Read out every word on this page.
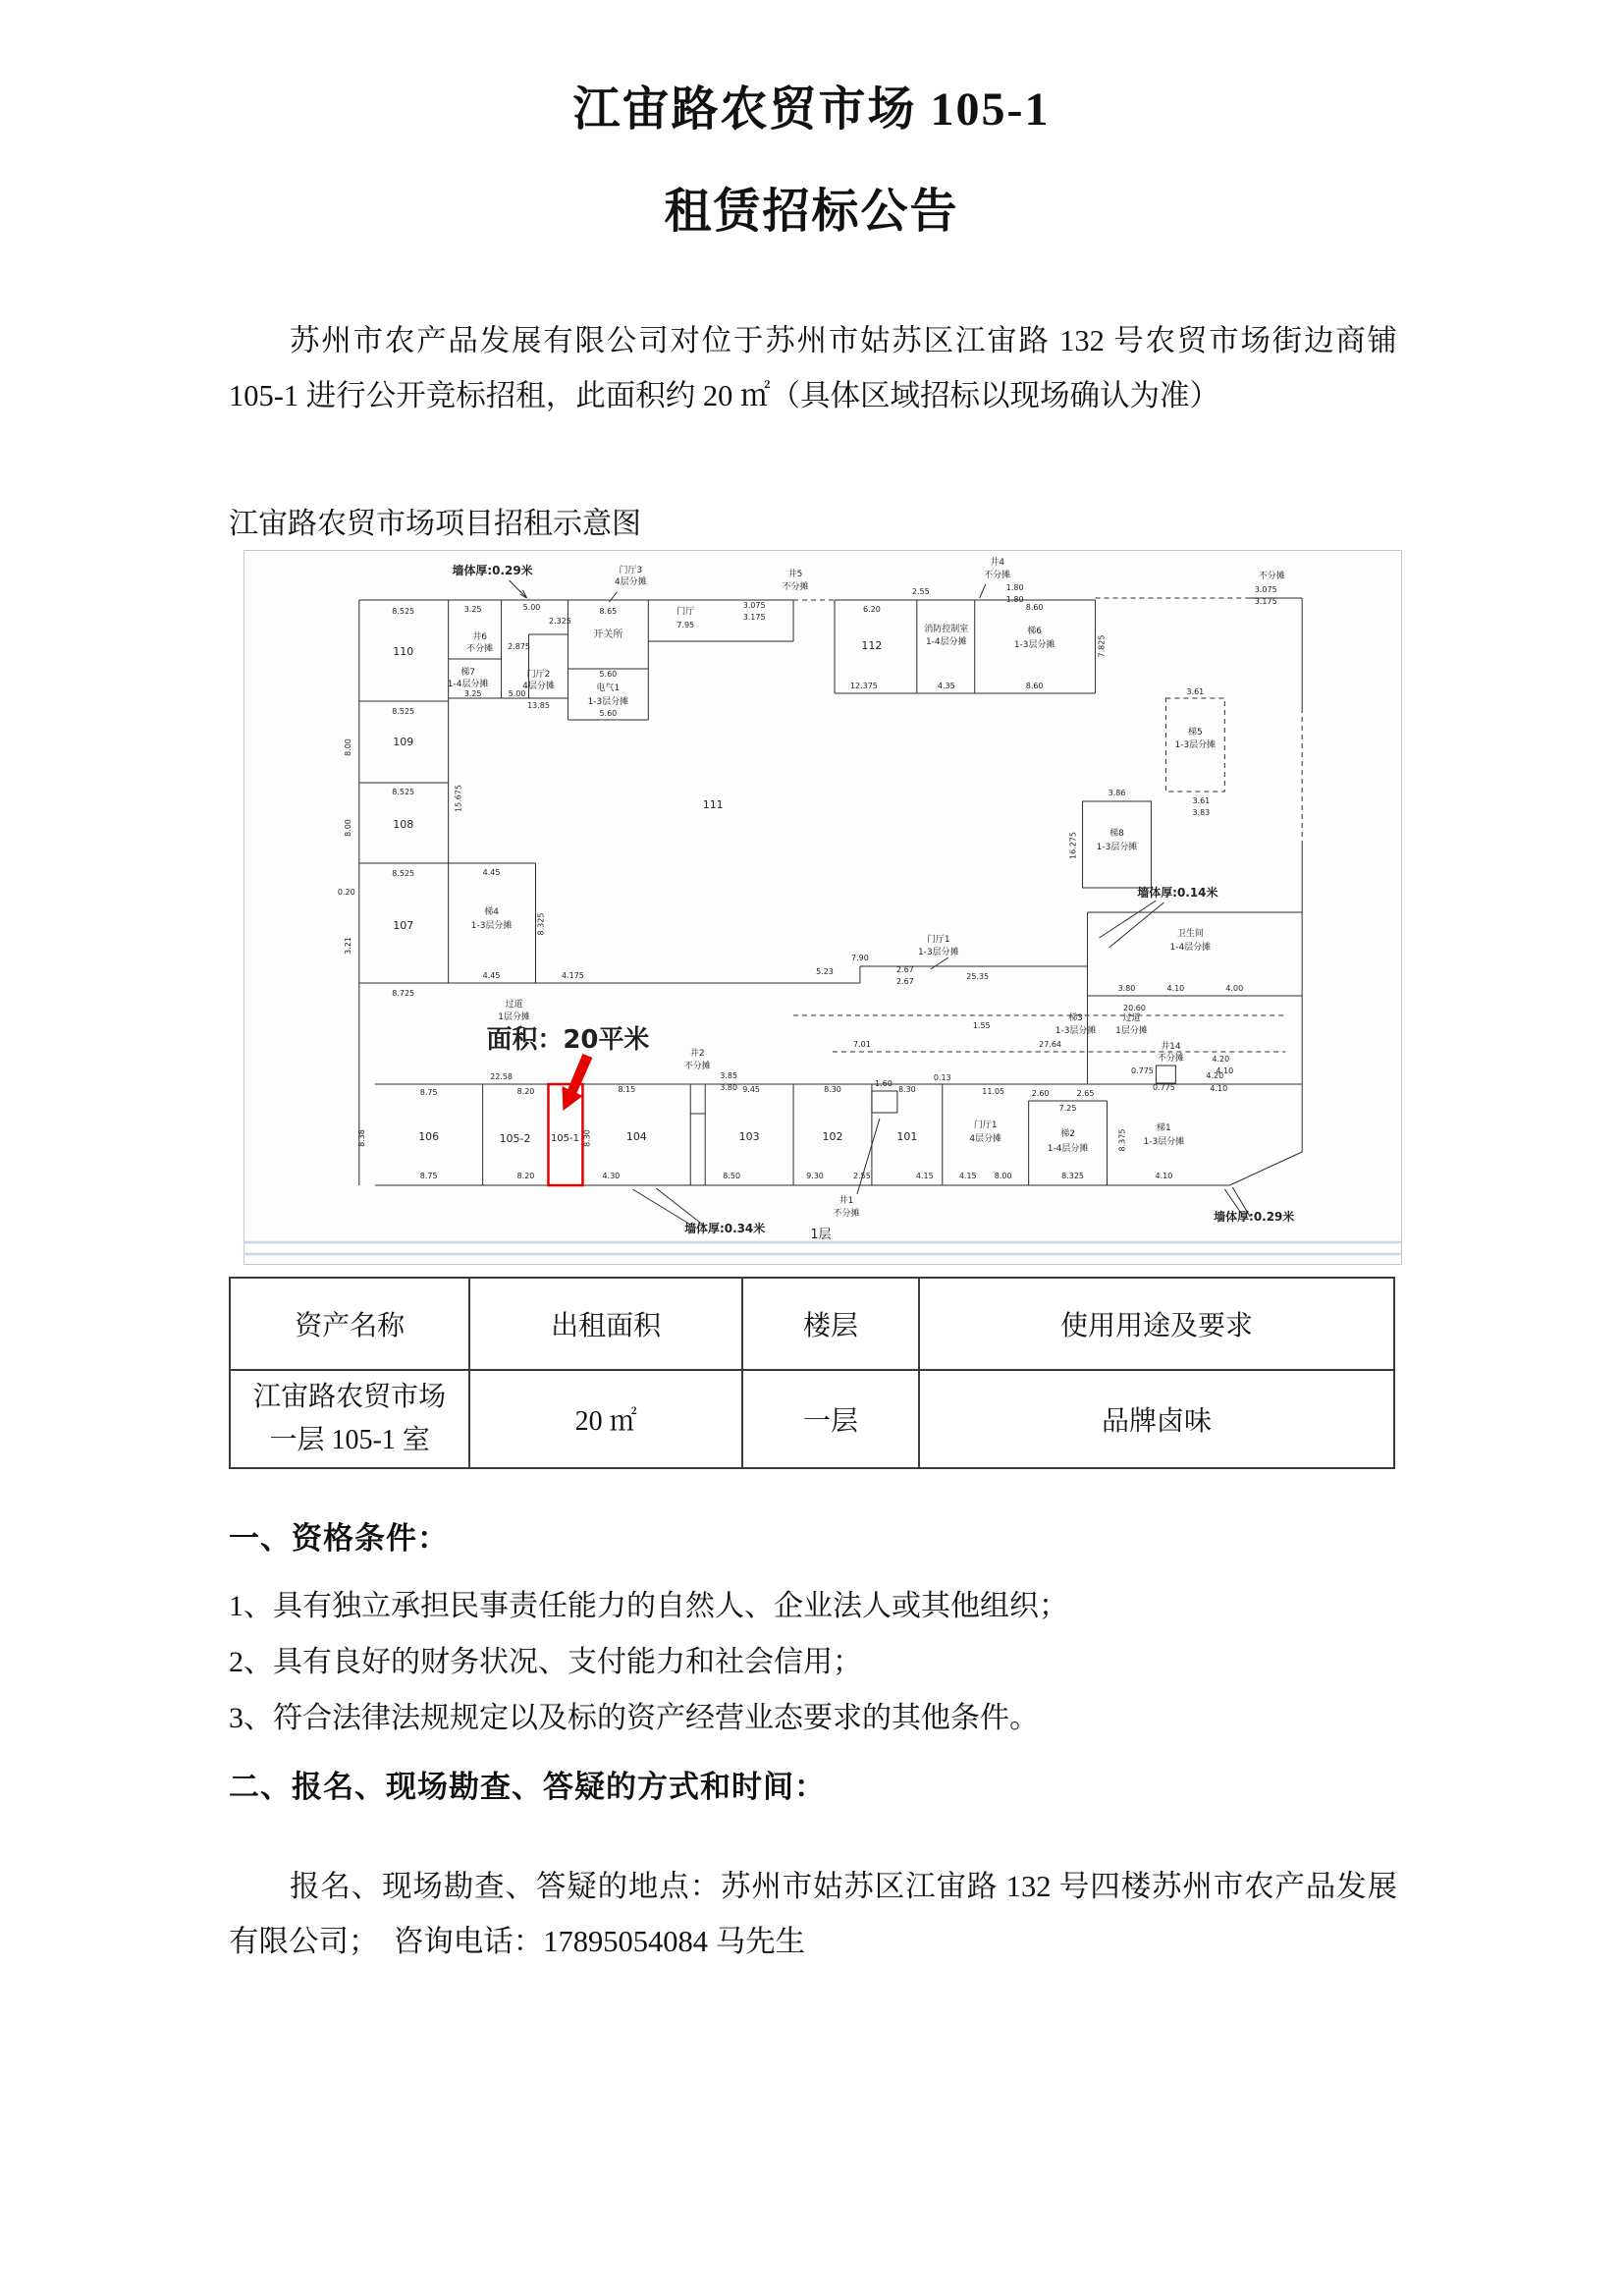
江宙路农贸市场 105-1
租赁招标公告

苏州市农产品发展有限公司对位于苏州市姑苏区江宙路 132 号农贸市场街边商铺 105-1 进行公开竞标招租，此面积约 20 ㎡（具体区域招标以现场确认为准）

江宙路农贸市场项目招租示意图

墙体厚:0.29米	门厅3
4层分摊
3.25	5.00
2.325
井6
不分摊 2.875
梯7
1-4层分摊
门厅2
4层分摊
3.25	5.00
13.85
开关所
8.65
电气1
1-3层分摊
5.60
5.60
门厅
7.95
3.075
3.175
井5
不分摊
112
6.20
12.375
消防控制室
1-4层分摊
4.35
2.55
井4
不分摊
1.80
1.80
梯6
1-3层分摊
8.60
8.60
7.825
3.075
3.175
不分摊
110
109
108
107
8.525
8.525
8.525
8.525
8.725
0.20
8.00
8.00
15.675
3.21
梯4
1-3层分摊
4.45
4.45
8.325
4.175
111
过道
1层分摊
22.58
面积：20平米
7.90
5.23	2.67
2.67
门厅1
1-3层分摊
25.35
梯3
1-3层分摊
20.60
27.64
7.01
1.55
梯5
1-3层分摊
3.61
3.61
3.83
梯8
1-3层分摊
3.86
16.275
墙体厚:0.14米
卫生间
1-4层分摊
3.80	4.10	4.00
过道
1层分摊
井14
不分摊	4.20
4.10
0.775
106	105-2 105-1	104	103	102	101
8.75	8.20	8.15	9.45	8.30	8.30
8.75	8.20	4.30	8.50	9.30	2.55	4.15
井2
不分摊
3.85
3.80	1.60
井1
不分摊
8.38	8.30
0.13
门厅1
4层分摊
11.05
梯2
1-4层分摊
2.60	2.65
7.25
梯1
1-3层分摊
4.20
4.10
0.775
4.15 8.00	8.325	4.10
8.375
墙体厚:0.29米
墙体厚:0.34米	1层
资产名称	出租面积	楼层	使用用途及要求

江宙路农贸市场
一层 105-1 室	20 ㎡	一层	品牌卤味
一、资格条件：

1、具有独立承担民事责任能力的自然人、企业法人或其他组织；

2、具有良好的财务状况、支付能力和社会信用；

3、符合法律法规规定以及标的资产经营业态要求的其他条件。

二、报名、现场勘查、答疑的方式和时间：

报名、现场勘查、答疑的地点：苏州市姑苏区江宙路 132 号四楼苏州市农产品发展有限公司；　咨询电话：17895054084 马先生
